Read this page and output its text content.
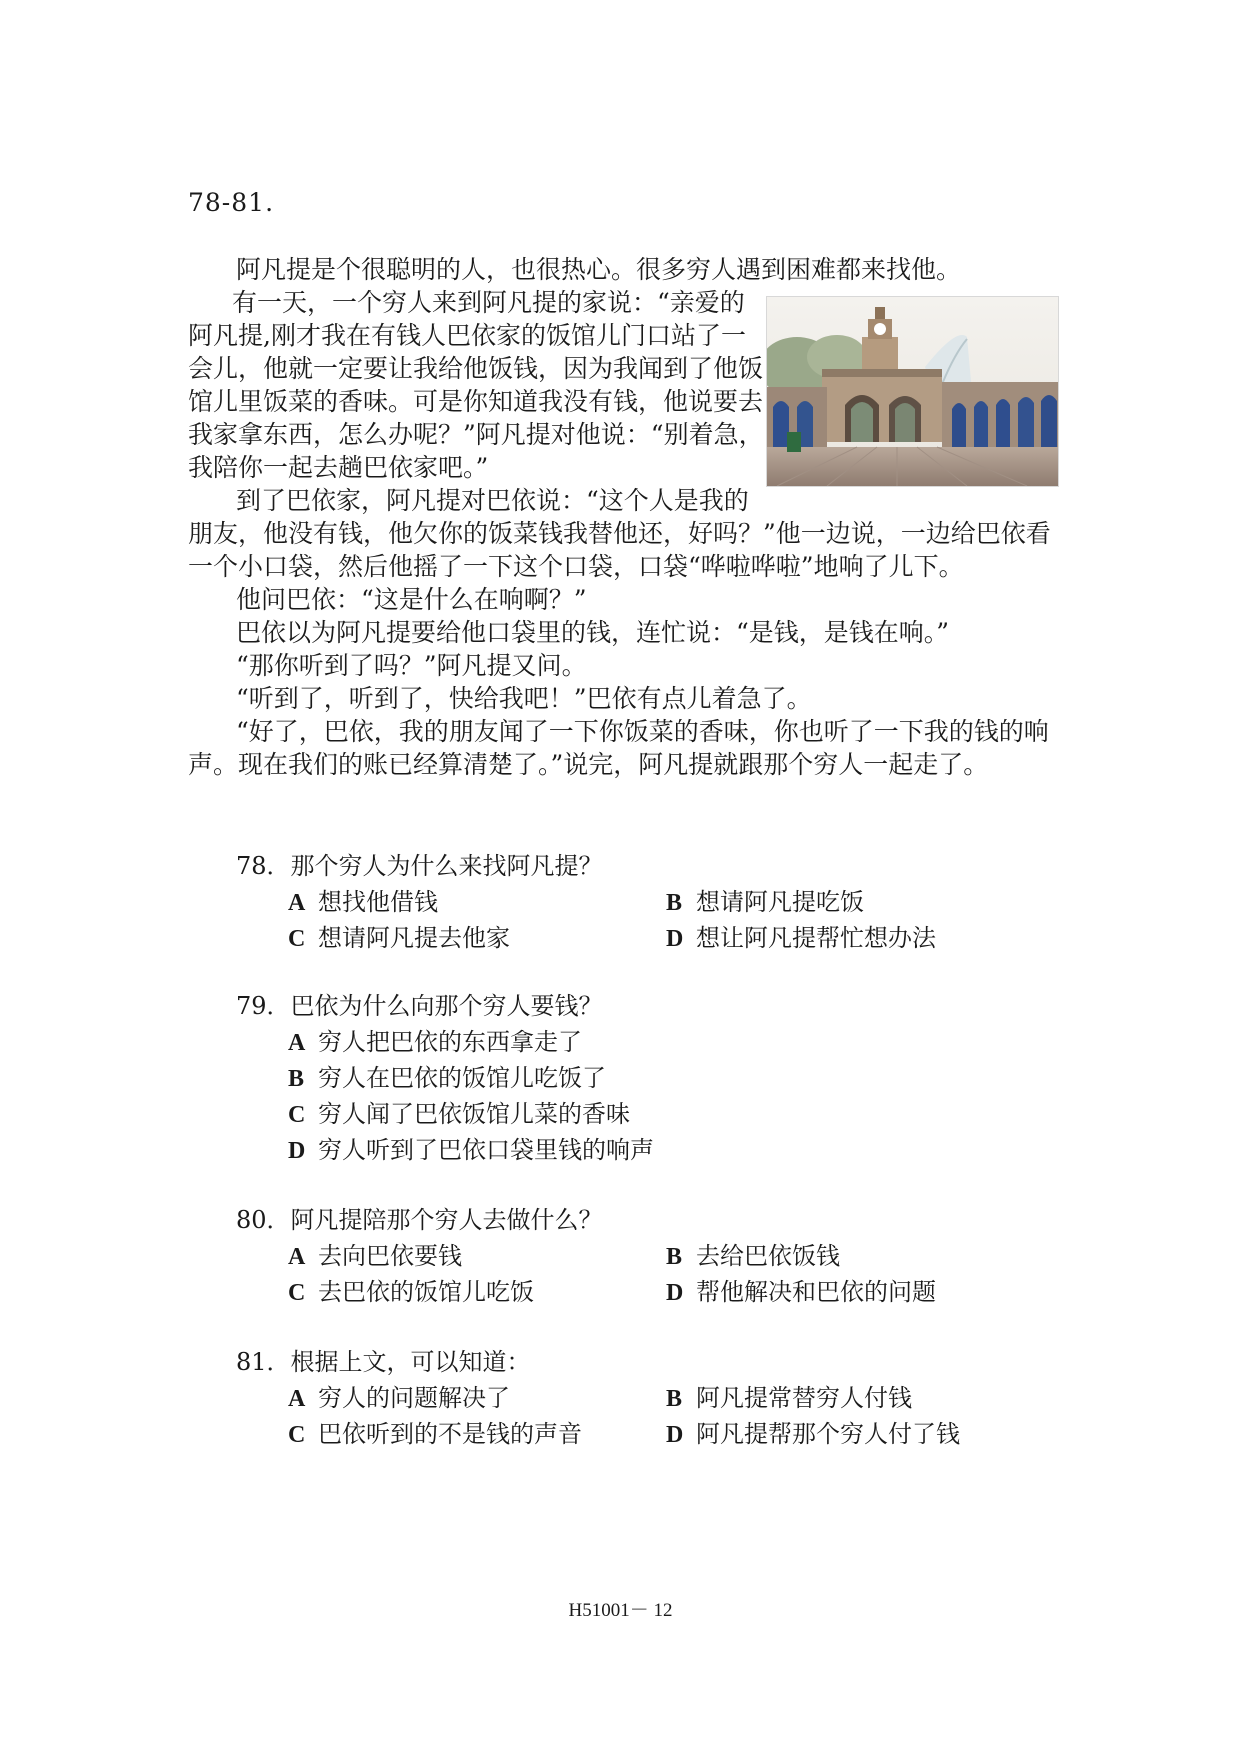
78-81.
阿凡提是个很聪明的人，也很热心。很多穷人遇到困难都来找他。
有一天，一个穷人来到阿凡提的家说：“亲爱的
阿凡提,刚才我在有钱人巴依家的饭馆儿门口站了一
会儿，他就一定要让我给他饭钱，因为我闻到了他饭
馆儿里饭菜的香味。可是你知道我没有钱，他说要去
我家拿东西，怎么办呢？”阿凡提对他说：“别着急，
我陪你一起去趟巴依家吧。”
到了巴依家，阿凡提对巴依说：“这个人是我的
朋友，他没有钱，他欠你的饭菜钱我替他还，好吗？”他一边说，一边给巴依看
一个小口袋，然后他摇了一下这个口袋，口袋“哗啦哗啦”地响了儿下。
他问巴依：“这是什么在响啊？”
巴依以为阿凡提要给他口袋里的钱，连忙说：“是钱，是钱在响。”
“那你听到了吗？”阿凡提又问。
“听到了，听到了，快给我吧！”巴依有点儿着急了。
“好了，巴依，我的朋友闻了一下你饭菜的香味，你也听了一下我的钱的响
声。现在我们的账已经算清楚了。”说完，阿凡提就跟那个穷人一起走了。
78．那个穷人为什么来找阿凡提？
A 想找他借钱	B 想请阿凡提吃饭
C 想请阿凡提去他家	D 想让阿凡提帮忙想办法
79．巴依为什么向那个穷人要钱？
A 穷人把巴依的东西拿走了
B 穷人在巴依的饭馆儿吃饭了
C 穷人闻了巴依饭馆儿菜的香味
D 穷人听到了巴依口袋里钱的响声
80．阿凡提陪那个穷人去做什么？
A 去向巴依要钱	B 去给巴依饭钱
C 去巴依的饭馆儿吃饭	D 帮他解决和巴依的问题
81．根据上文，可以知道：
A 穷人的问题解决了	B 阿凡提常替穷人付钱
C 巴依听到的不是钱的声音	D 阿凡提帮那个穷人付了钱
H51001－ 12
